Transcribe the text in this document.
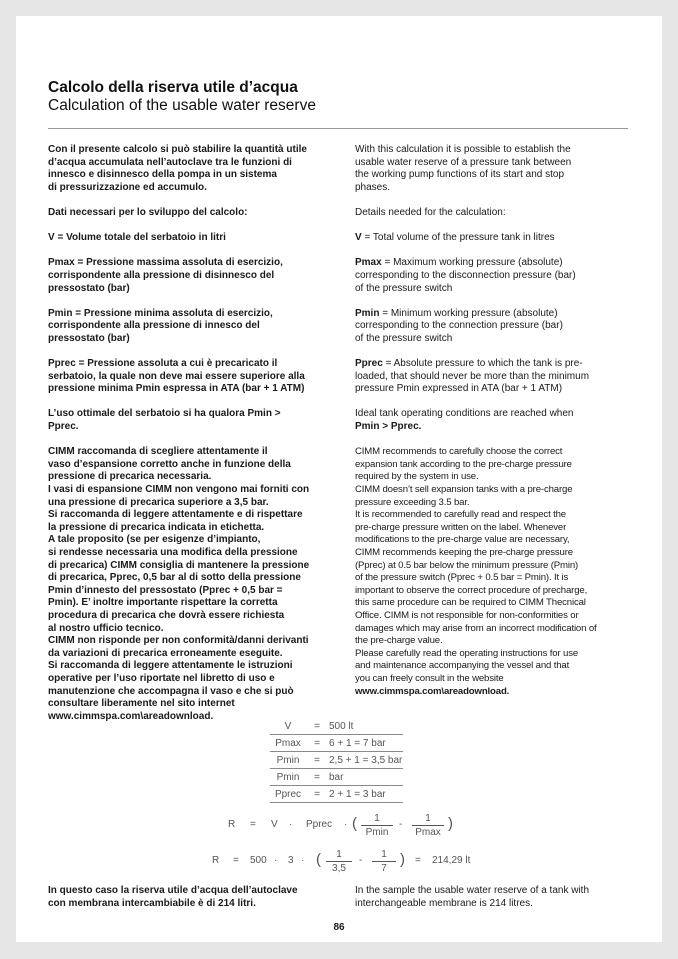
Calcolo della riserva utile d’acqua
Calculation of the usable water reserve

Con il presente calcolo si può stabilire la quantità utile
d’acqua accumulata nell’autoclave tra le funzioni di
innesco e disinnesco della pompa in un sistema
di pressurizzazione ed accumulo.

Dati necessari per lo sviluppo del calcolo:

V = Volume totale del serbatoio in litri

Pmax = Pressione massima assoluta di esercizio,
corrispondente alla pressione di disinnesco del
pressostato (bar)

Pmin = Pressione minima assoluta di esercizio,
corrispondente alla pressione di innesco del
pressostato (bar)

Pprec = Pressione assoluta a cui è precaricato il
serbatoio, la quale non deve mai essere superiore alla
pressione minima Pmin espressa in ATA (bar + 1 ATM)

L’uso ottimale del serbatoio si ha qualora Pmin >
Pprec.

CIMM raccomanda di scegliere attentamente il
vaso d’espansione corretto anche in funzione della
pressione di precarica necessaria.
I vasi di espansione CIMM non vengono mai forniti con
una pressione di precarica superiore a 3,5 bar.
Si raccomanda di leggere attentamente e di rispettare
la pressione di precarica indicata in etichetta.
A tale proposito (se per esigenze d’impianto,
si rendesse necessaria una modifica della pressione
di precarica) CIMM consiglia di mantenere la pressione
di precarica, Pprec, 0,5 bar al di sotto della pressione
Pmin d’innesto del pressostato (Pprec + 0,5 bar =
Pmin). E’ inoltre importante rispettare la corretta
procedura di precarica che dovrà essere richiesta
al nostro ufficio tecnico.
CIMM non risponde per non conformità/danni derivanti
da variazioni di precarica erroneamente eseguite.
Si raccomanda di leggere attentamente le istruzioni
operative per l’uso riportate nel libretto di uso e
manutenzione che accompagna il vaso e che si può
consultare liberamente nel sito internet
www.cimmspa.com\areadownload.

With this calculation it is possible to establish the
usable water reserve of a pressure tank between
the working pump functions of its start and stop
phases.

Details needed for the calculation:

V = Total volume of the pressure tank in litres

Pmax = Maximum working pressure (absolute)
corresponding to the disconnection pressure (bar)
of the pressure switch

Pmin = Minimum working pressure (absolute)
corresponding to the connection pressure (bar)
of the pressure switch

Pprec = Absolute pressure to which the tank is pre-
loaded, that should never be more than the minimum
pressure Pmin expressed in ATA (bar + 1 ATM)

Ideal tank operating conditions are reached when
Pmin > Pprec.

CIMM recommends to carefully choose the correct
expansion tank according to the pre-charge pressure
required by the system in use.
CIMM doesn’t sell expansion tanks with a pre-charge
pressure exceeding 3.5 bar.
It is recommended to carefully read and respect the
pre-charge pressure written on the label. Whenever
modifications to the pre-charge value are necessary,
CIMM recommends keeping the pre-charge pressure
(Pprec) at 0.5 bar below the minimum pressure (Pmin)
of the pressure switch (Pprec + 0.5 bar = Pmin). It is
important to observe the correct procedure of precharge,
this same procedure can be required to CIMM Thecnical
Office. CIMM is not responsible for non-conformities or
damages which may arise from an incorrect modification of
the pre-charge value.
Please carefully read the operating instructions for use
and maintenance accompanying the vessel and that
you can freely consult in the website
www.cimmspa.com\areadownload.

V	=	500 lt
Pmax	=	6 + 1 = 7 bar
Pmin	=	2,5 + 1 = 3,5 bar
Pmin	=	bar
Pprec	=	2 + 1 = 3 bar
R = V · Pprec · (	1
Pmin
-
1
Pmax
)
R = 500 · 3 · ( $\frac{1}{3,5} - \frac{1}{7}$ ) = 214,29 lt
In questo caso la riserva utile d’acqua dell’autoclave
con membrana intercambiabile è di 214 litri.
In the sample the usable water reserve of a tank with
interchangeable membrane is 214 litres.
86
